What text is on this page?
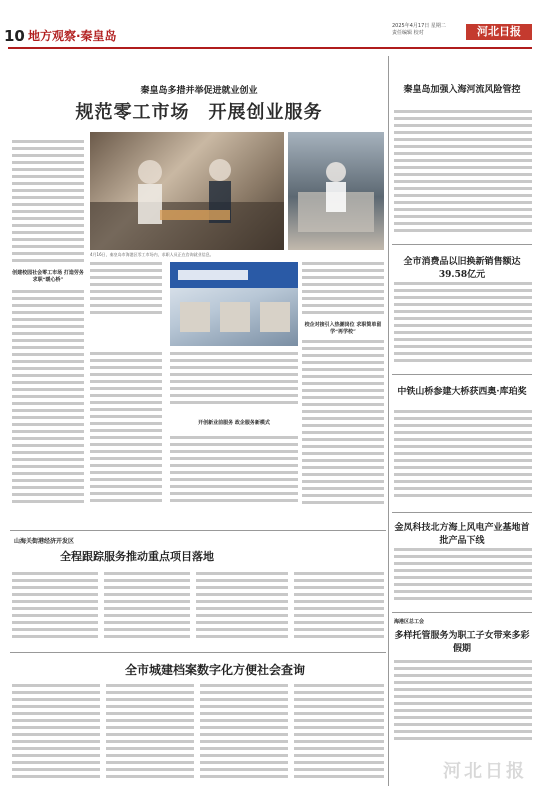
10 地方观察·秦皇岛
2025年4月17日 星期二
责任编辑 校对	河北日报
秦皇岛多措并举促进就业创业
规范零工市场　开展创业服务
创建校园社会零工市场 打造劳务求职“暖心桥”
4月16日，秦皇岛市海港区零工市场内，求职人员正在咨询就业信息。
校企对接引入热潮岗位 求职简单留学“再学校”
开创新业前服务 政企服务新模式
山海关街港经济开发区
全程跟踪服务推动重点项目落地
全市城建档案数字化方便社会查询
秦皇岛加强入海河流风险管控
全市消费品以旧换新销售额达39.58亿元
中铁山桥参建大桥获西奥·库珀奖
金凤科技北方海上风电产业基地首批产品下线
海港区总工会
多样托管服务为职工子女带来多彩假期
河北日报
